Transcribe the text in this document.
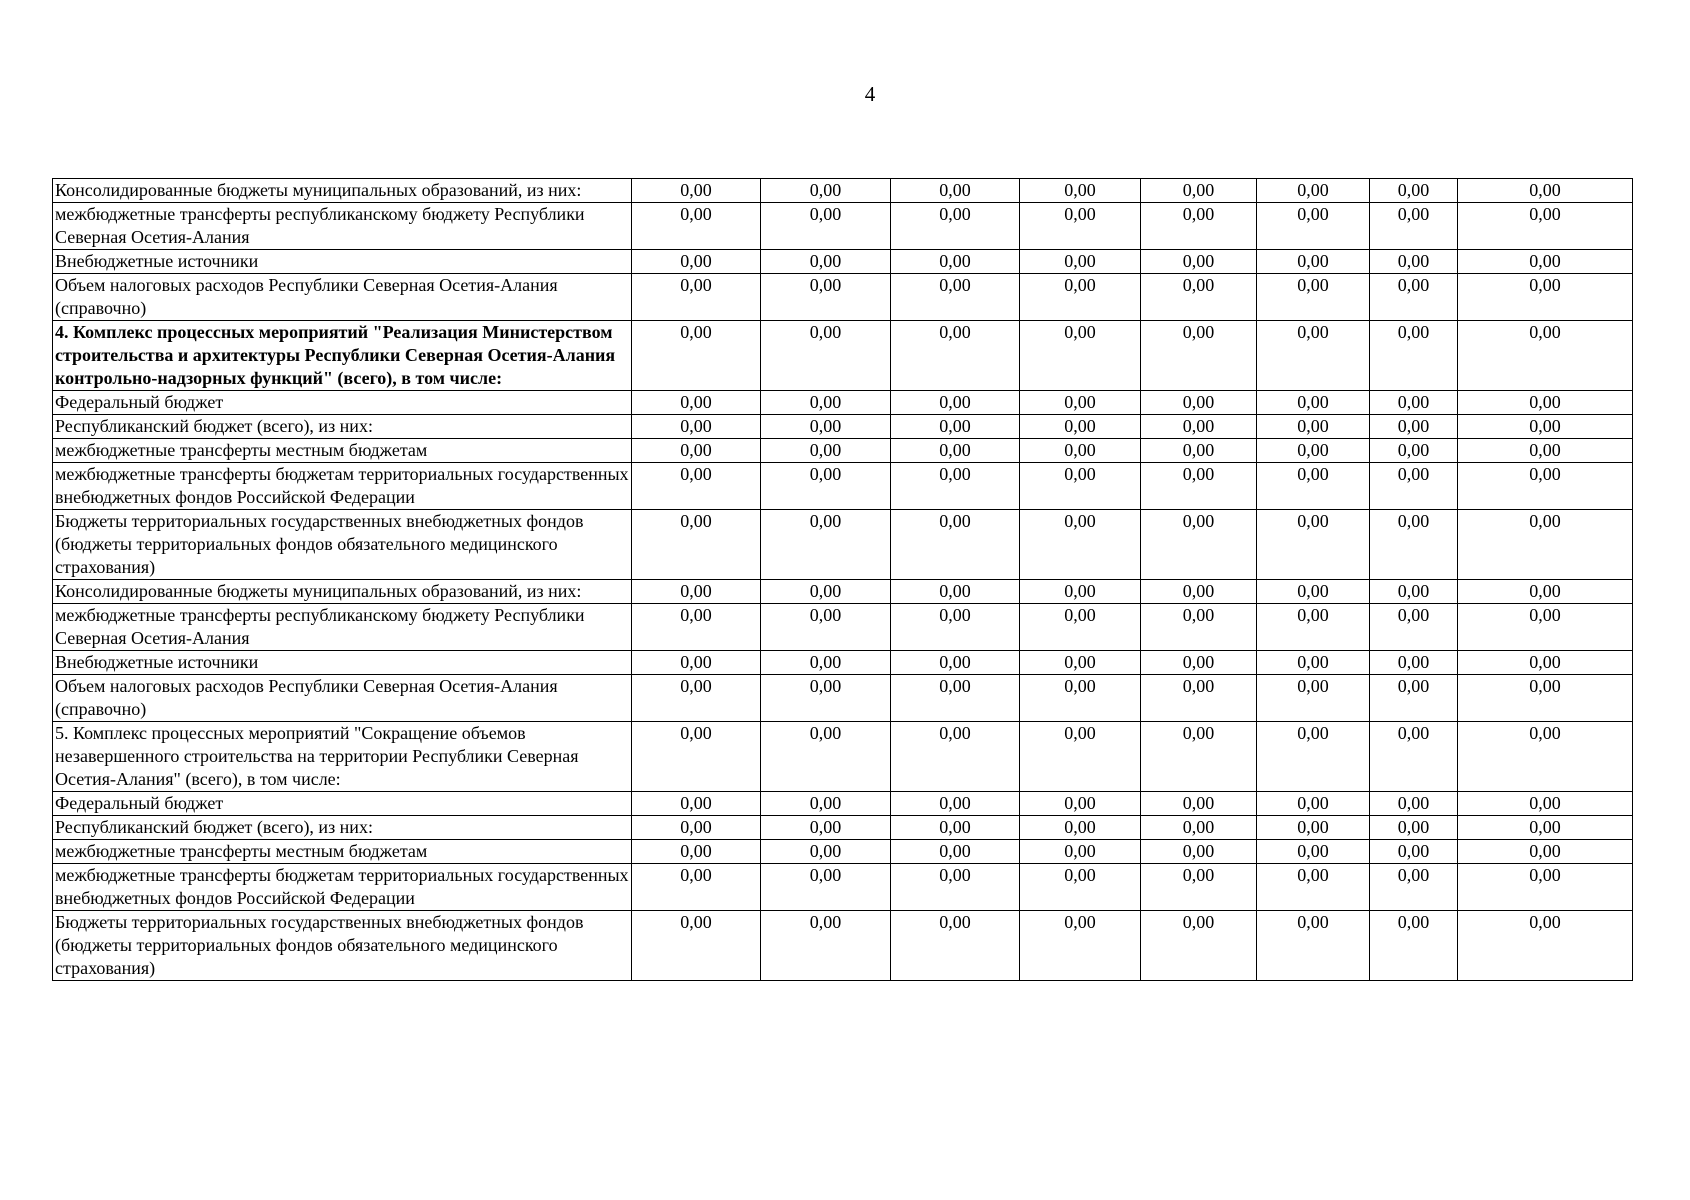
4
Консолидированные бюджеты муниципальных образований, из них:	0,00	0,00	0,00	0,00	0,00	0,00	0,00	0,00
межбюджетные трансферты республиканскому бюджету Республики Северная Осетия-Алания	0,00	0,00	0,00	0,00	0,00	0,00	0,00	0,00
Внебюджетные источники	0,00	0,00	0,00	0,00	0,00	0,00	0,00	0,00
Объем налоговых расходов Республики Северная Осетия-Алания (справочно)	0,00	0,00	0,00	0,00	0,00	0,00	0,00	0,00
4. Комплекс процессных мероприятий "Реализация Министерством строительства и архитектуры Республики Северная Осетия-Алания контрольно-надзорных функций" (всего), в том числе:	0,00	0,00	0,00	0,00	0,00	0,00	0,00	0,00
Федеральный бюджет	0,00	0,00	0,00	0,00	0,00	0,00	0,00	0,00
Республиканский бюджет (всего), из них:	0,00	0,00	0,00	0,00	0,00	0,00	0,00	0,00
межбюджетные трансферты местным бюджетам	0,00	0,00	0,00	0,00	0,00	0,00	0,00	0,00
межбюджетные трансферты бюджетам территориальных государственных внебюджетных фондов Российской Федерации	0,00	0,00	0,00	0,00	0,00	0,00	0,00	0,00
Бюджеты территориальных государственных внебюджетных фондов (бюджеты территориальных фондов обязательного медицинского страхования)	0,00	0,00	0,00	0,00	0,00	0,00	0,00	0,00
Консолидированные бюджеты муниципальных образований, из них:	0,00	0,00	0,00	0,00	0,00	0,00	0,00	0,00
межбюджетные трансферты республиканскому бюджету Республики Северная Осетия-Алания	0,00	0,00	0,00	0,00	0,00	0,00	0,00	0,00
Внебюджетные источники	0,00	0,00	0,00	0,00	0,00	0,00	0,00	0,00
Объем налоговых расходов Республики Северная Осетия-Алания (справочно)	0,00	0,00	0,00	0,00	0,00	0,00	0,00	0,00
5. Комплекс процессных мероприятий "Сокращение объемов незавершенного строительства на территории Республики Северная Осетия-Алания" (всего), в том числе:	0,00	0,00	0,00	0,00	0,00	0,00	0,00	0,00
Федеральный бюджет	0,00	0,00	0,00	0,00	0,00	0,00	0,00	0,00
Республиканский бюджет (всего), из них:	0,00	0,00	0,00	0,00	0,00	0,00	0,00	0,00
межбюджетные трансферты местным бюджетам	0,00	0,00	0,00	0,00	0,00	0,00	0,00	0,00
межбюджетные трансферты бюджетам территориальных государственных внебюджетных фондов Российской Федерации	0,00	0,00	0,00	0,00	0,00	0,00	0,00	0,00
Бюджеты территориальных государственных внебюджетных фондов (бюджеты территориальных фондов обязательного медицинского страхования)	0,00	0,00	0,00	0,00	0,00	0,00	0,00	0,00
